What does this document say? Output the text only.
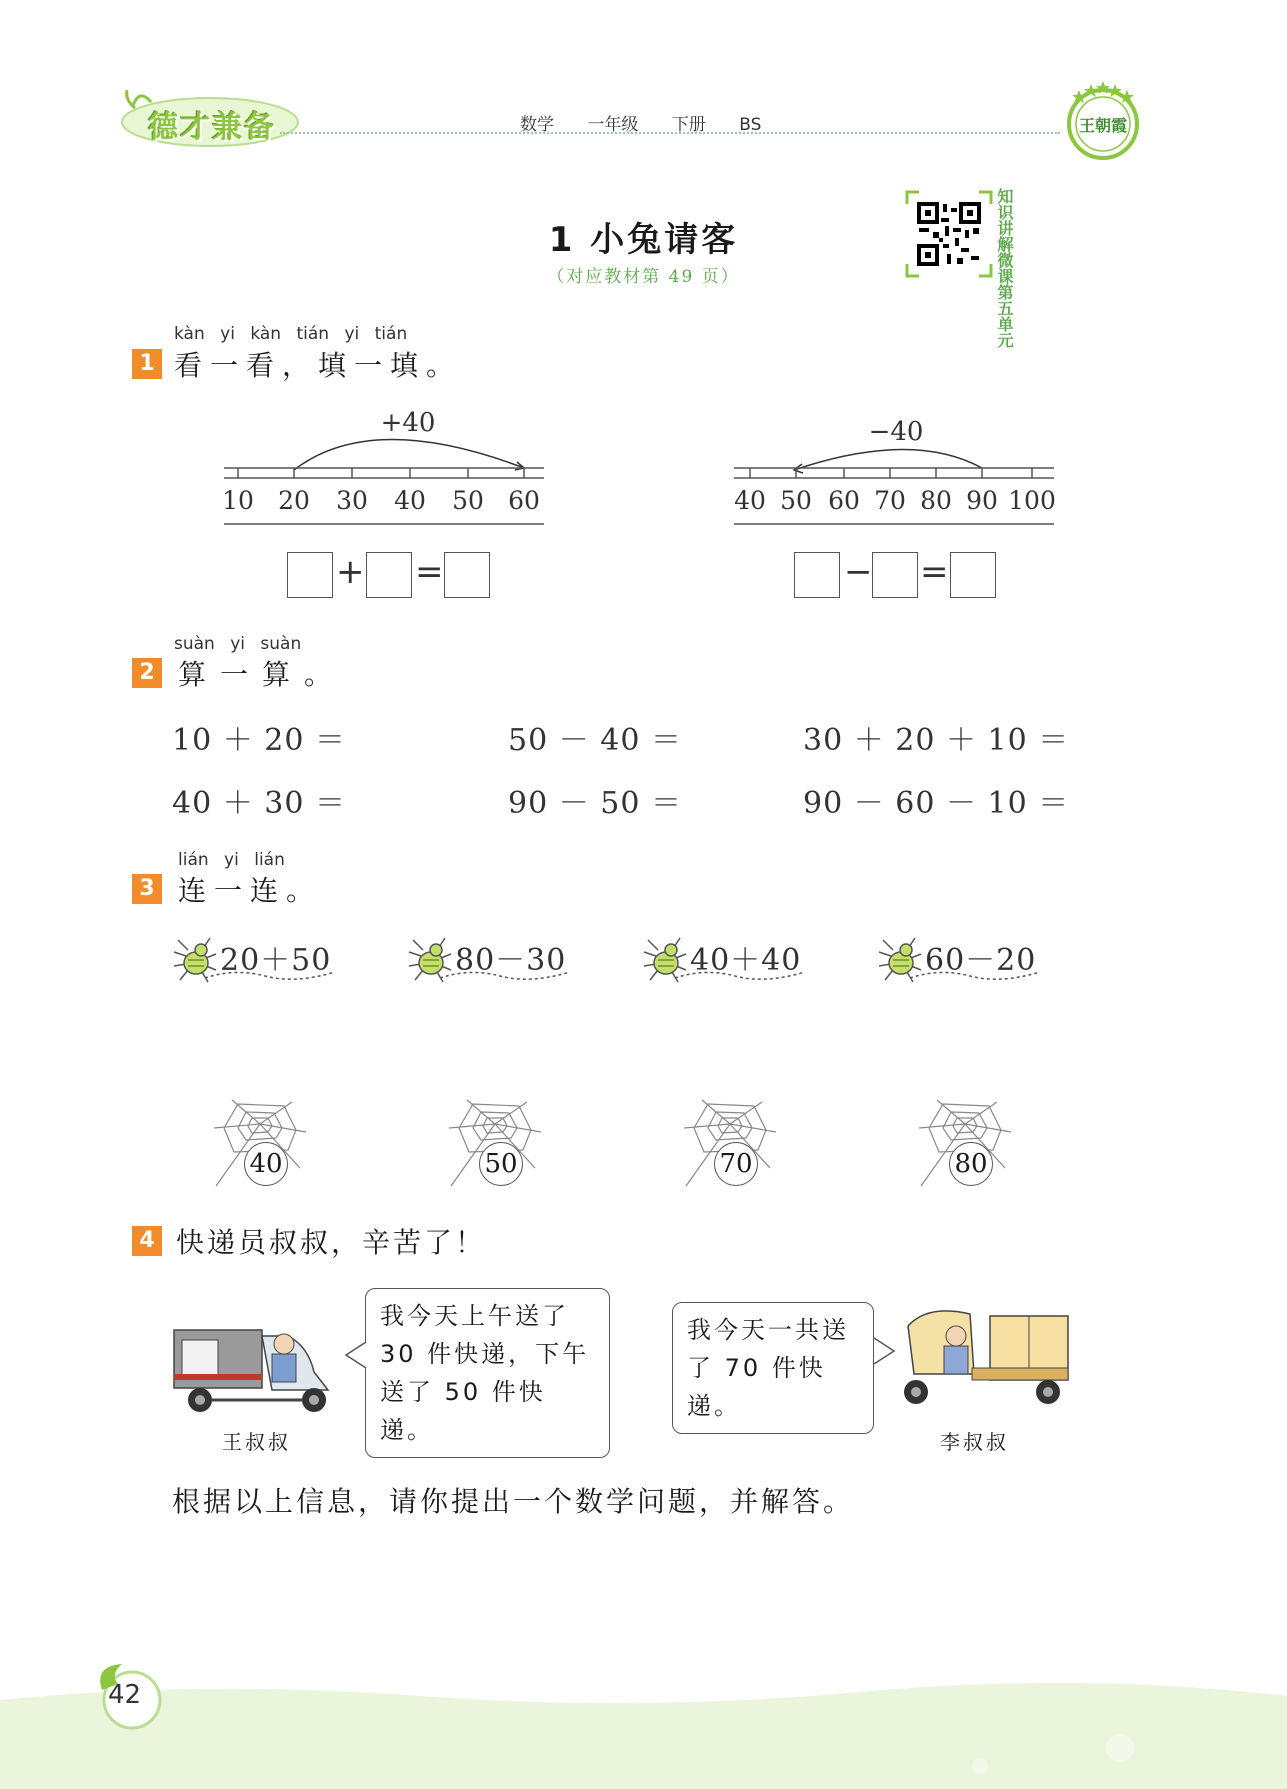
德才兼备	数学 一年级 下册 BS	王朝霞
1 小兔请客
（对应教材第 49 页）	知识讲解微课第五单元
kàn yi kàn tián yi tián
1 看一看，填一填。
+40
10 20 30 40 50 60
−40
40 50 60 70 80 90 100
+ =	− =
suàn yi suàn
2 算一算。
10 ＋ 20 ＝	50 － 40 ＝	30 ＋ 20 ＋ 10 ＝
40 ＋ 30 ＝	90 － 50 ＝	90 － 60 － 10 ＝
lián yi lián
3 连一连。
20＋50	80－30	40＋40	60－20
40	50	70	80
4 快递员叔叔，辛苦了！
王叔叔
我今天上午送了
30 件快递，下午
送了 50 件快递。
我今天一共送
了 70 件快递。
李叔叔
根据以上信息，请你提出一个数学问题，并解答。
42
